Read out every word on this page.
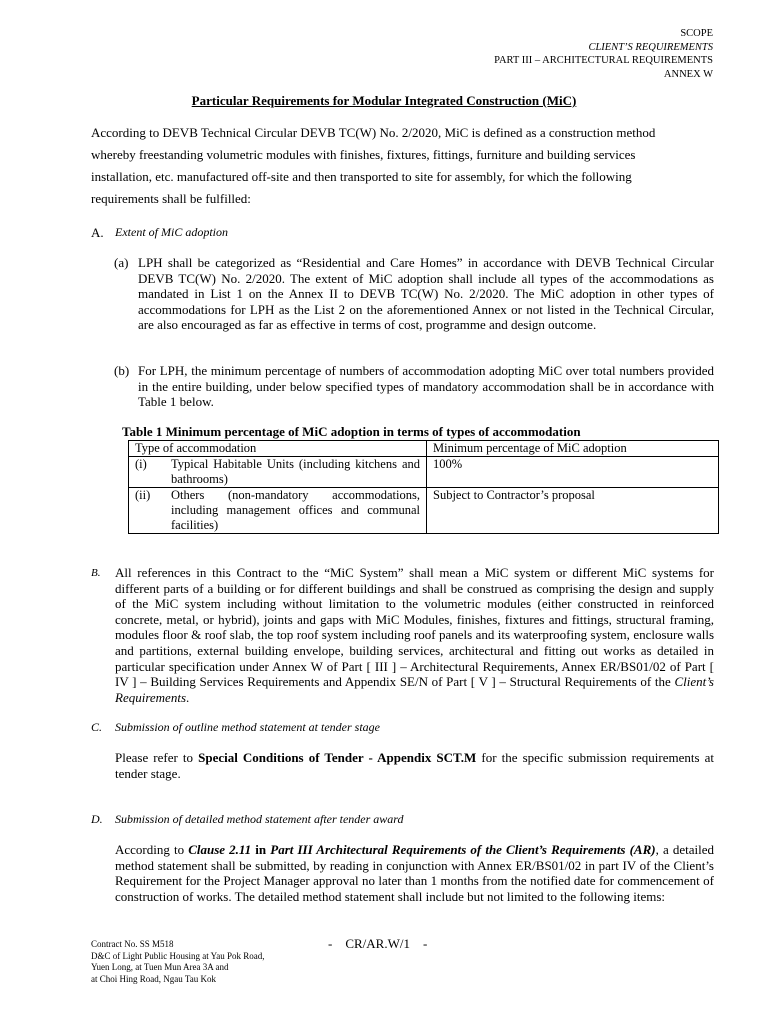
SCOPE
CLIENT’S REQUIREMENTS
PART III – ARCHITECTURAL REQUIREMENTS
ANNEX W
Particular Requirements for Modular Integrated Construction (MiC)
According to DEVB Technical Circular DEVB TC(W) No. 2/2020, MiC is defined as a construction method
whereby freestanding volumetric modules with finishes, fixtures, fittings, furniture and building services
installation, etc. manufactured off-site and then transported to site for assembly, for which the following
requirements shall be fulfilled:
A. Extent of MiC adoption
(a) LPH shall be categorized as “Residential and Care Homes” in accordance with DEVB Technical Circular DEVB TC(W) No. 2/2020. The extent of MiC adoption shall include all types of the accommodations as mandated in List 1 on the Annex II to DEVB TC(W) No. 2/2020. The MiC adoption in other types of accommodations for LPH as the List 2 on the aforementioned Annex or not listed in the Technical Circular, are also encouraged as far as effective in terms of cost, programme and design outcome.
(b) For LPH, the minimum percentage of numbers of accommodation adopting MiC over total numbers provided in the entire building, under below specified types of mandatory accommodation shall be in accordance with Table 1 below.
Table 1 Minimum percentage of MiC adoption in terms of types of accommodation
Type of accommodation	Minimum percentage of MiC adoption

(i) Typical Habitable Units (including kitchens and bathrooms)	100%

(ii) Others (non-mandatory accommodations, including management offices and communal facilities)	Subject to Contractor’s proposal
B. All references in this Contract to the “MiC System” shall mean a MiC system or different MiC systems for different parts of a building or for different buildings and shall be construed as comprising the design and supply of the MiC system including without limitation to the volumetric modules (either constructed in reinforced concrete, metal, or hybrid), joints and gaps with MiC Modules, finishes, fixtures and fittings, structural framing, modules floor & roof slab, the top roof system including roof panels and its waterproofing system, enclosure walls and partitions, external building envelope, building services, architectural and fitting out works as detailed in particular specification under Annex W of Part [ III ] – Architectural Requirements, Annex ER/BS01/02 of Part [ IV ] – Building Services Requirements and Appendix SE/N of Part [ V ] – Structural Requirements of the Client’s Requirements.
C. Submission of outline method statement at tender stage
Please refer to Special Conditions of Tender - Appendix SCT.M for the specific submission requirements at tender stage.
D. Submission of detailed method statement after tender award
According to Clause 2.11 in Part III Architectural Requirements of the Client’s Requirements (AR), a detailed method statement shall be submitted, by reading in conjunction with Annex ER/BS01/02 in part IV of the Client’s Requirement for the Project Manager approval no later than 1 months from the notified date for commencement of construction of works. The detailed method statement shall include but not limited to the following items:
Contract No. SS M518
D&C of Light Public Housing at Yau Pok Road,
Yuen Long, at Tuen Mun Area 3A and
at Choi Hing Road, Ngau Tau Kok
-    CR/AR.W/1    -
